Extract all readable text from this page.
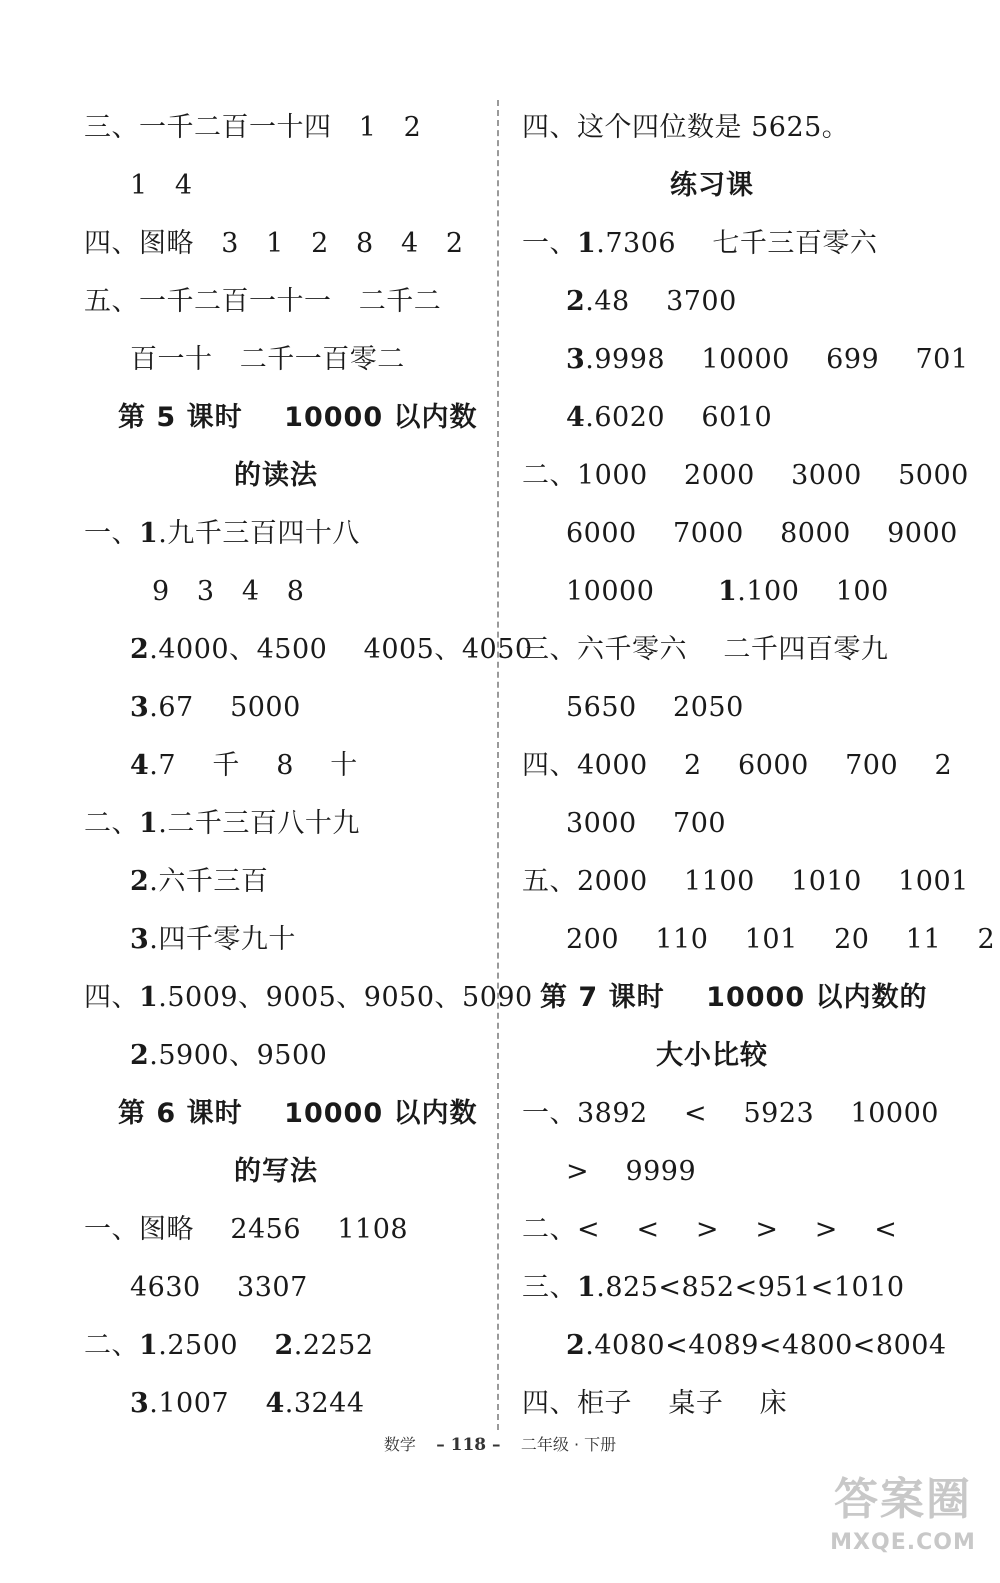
三、一千二百一十四   1   2
1   4
四、图略   3   1   2   8   4   2
五、一千二百一十一   二千二
百一十   二千一百零二
第 5 课时    10000 以内数
的读法
一、1.九千三百四十八
9   3   4   8
2.4000、4500    4005、4050
3.67    5000
4.7    千    8    十
二、1.二千三百八十九
2.六千三百
3.四千零九十
四、1.5009、9005、9050、5090
2.5900、9500
第 6 课时    10000 以内数
的写法
一、图略    2456    1108
4630    3307
二、1.2500    2.2252
3.1007    4.3244
四、这个四位数是 5625。
练习课
一、1.7306    七千三百零六
2.48    3700
3.9998    10000    699    701
4.6020    6010
二、1000    2000    3000    5000
6000    7000    8000    9000
10000       1.100    100
三、六千零六    二千四百零九
5650    2050
四、4000    2    6000    700    2
3000    700
五、2000    1100    1010    1001
200    110    101    20    11    2
第 7 课时    10000 以内数的
大小比较
一、3892    <    5923    10000
>    9999
二、<    <    >    >    >    <
三、1.825<852<951<1010
2.4080<4089<4800<8004
四、柜子    桌子    床
数学 – 118 – 二年级 · 下册
答案圈
MXQE.COM
